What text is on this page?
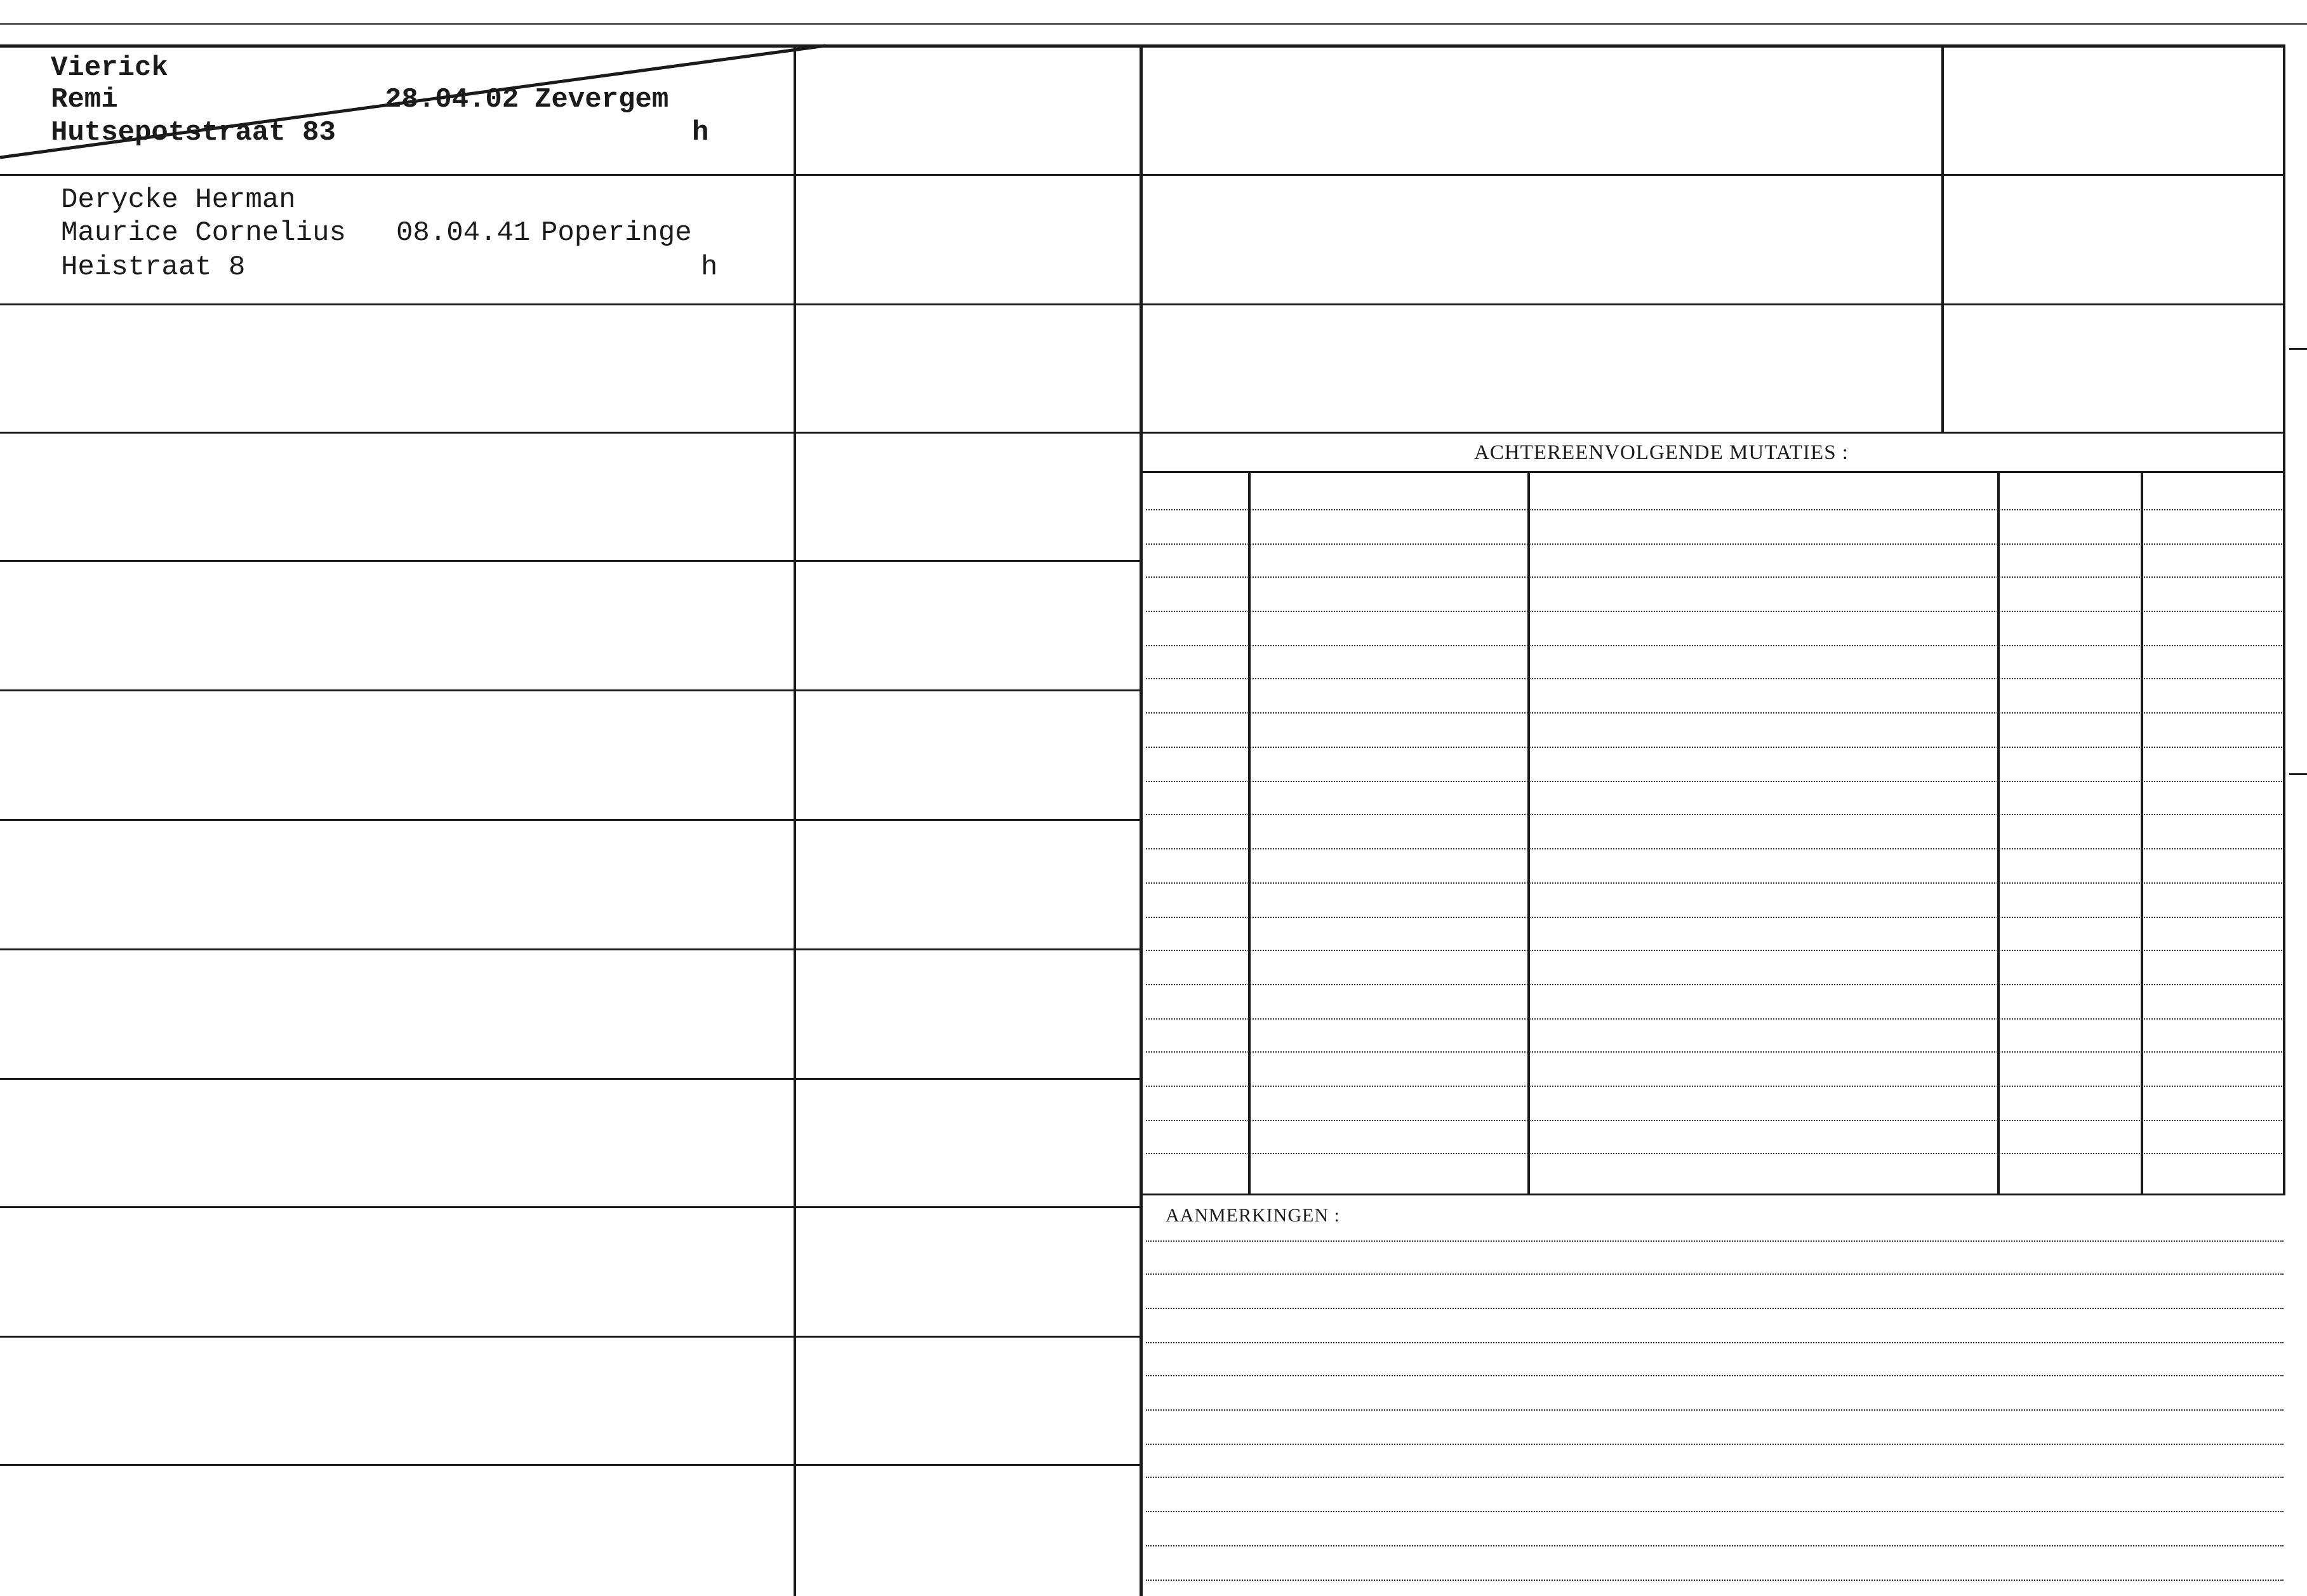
ACHTEREENVOLGENDE MUTATIES :
AANMERKINGEN :
Vierick
Remi	28.04.02 Zevergem
Hutsepotstraat 83	h
Derycke Herman
Maurice Cornelius 08.04.41 Poperinge
Heistraat 8	h
